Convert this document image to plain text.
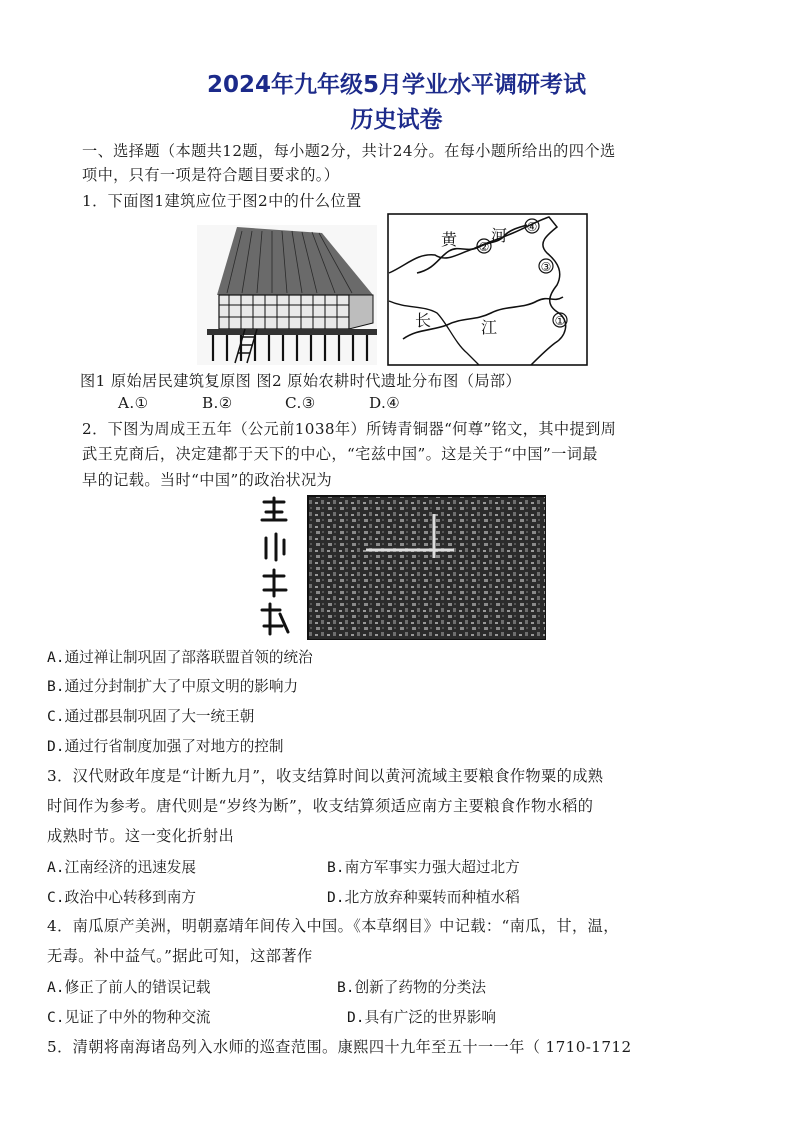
2024年九年级5月学业水平调研考试
历史试卷
一、选择题（本题共12题，每小题2分，共计24分。在每小题所给出的四个选
项中，只有一项是符合题目要求的。）
1．下面图1建筑应位于图2中的什么位置
黄 河
长	江
②
④
③
①
图1 原始居民建筑复原图 图2 原始农耕时代遗址分布图（局部）
A.①	B.②	C.③	D.④
2．下图为周成王五年（公元前1038年）所铸青铜器“何尊”铭文，其中提到周
武王克商后，决定建都于天下的中心，“宅兹中国”。这是关于“中国”一词最
早的记载。当时“中国”的政治状况为
A.通过禅让制巩固了部落联盟首领的统治
B.通过分封制扩大了中原文明的影响力
C.通过郡县制巩固了大一统王朝
D.通过行省制度加强了对地方的控制
3．汉代财政年度是“计断九月”，收支结算时间以黄河流域主要粮食作物粟的成熟
时间作为参考。唐代则是“岁终为断”，收支结算须适应南方主要粮食作物水稻的
成熟时节。这一变化折射出
A.江南经济的迅速发展	B.南方军事实力强大超过北方
C.政治中心转移到南方	D.北方放弃种粟转而种植水稻
4．南瓜原产美洲，明朝嘉靖年间传入中国。《本草纲目》中记载：“南瓜，甘，温，
无毒。补中益气。”据此可知，这部著作
A.修正了前人的错误记载	B.创新了药物的分类法
C.见证了中外的物种交流	D.具有广泛的世界影响
5．清朝将南海诸岛列入水师的巡查范围。康熙四十九年至五十一一年（ 1710-1712
